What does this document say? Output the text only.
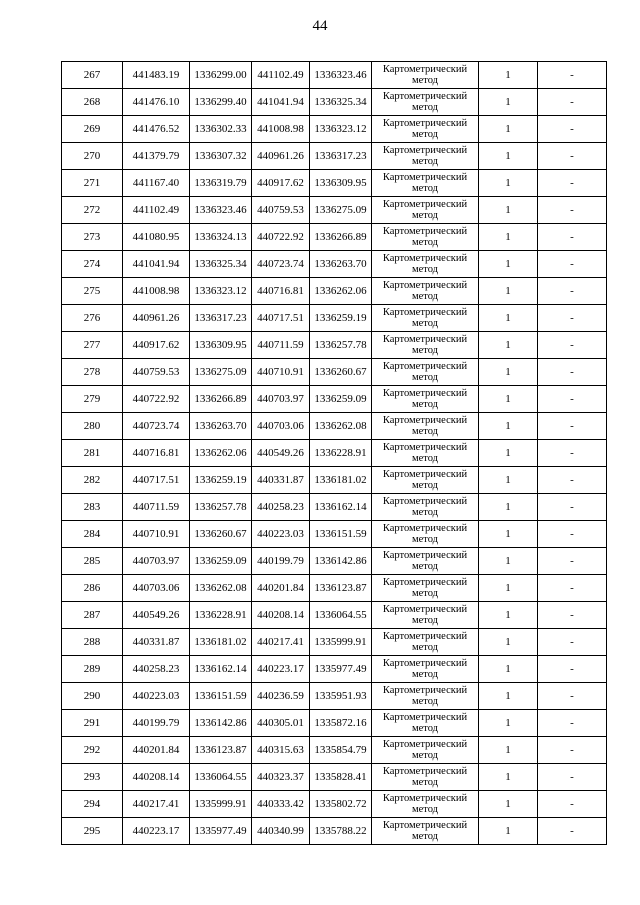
44
267	441483.19	1336299.00	441102.49	1336323.46	Картометрический метод	1	-
268	441476.10	1336299.40	441041.94	1336325.34	Картометрический метод	1	-
269	441476.52	1336302.33	441008.98	1336323.12	Картометрический метод	1	-
270	441379.79	1336307.32	440961.26	1336317.23	Картометрический метод	1	-
271	441167.40	1336319.79	440917.62	1336309.95	Картометрический метод	1	-
272	441102.49	1336323.46	440759.53	1336275.09	Картометрический метод	1	-
273	441080.95	1336324.13	440722.92	1336266.89	Картометрический метод	1	-
274	441041.94	1336325.34	440723.74	1336263.70	Картометрический метод	1	-
275	441008.98	1336323.12	440716.81	1336262.06	Картометрический метод	1	-
276	440961.26	1336317.23	440717.51	1336259.19	Картометрический метод	1	-
277	440917.62	1336309.95	440711.59	1336257.78	Картометрический метод	1	-
278	440759.53	1336275.09	440710.91	1336260.67	Картометрический метод	1	-
279	440722.92	1336266.89	440703.97	1336259.09	Картометрический метод	1	-
280	440723.74	1336263.70	440703.06	1336262.08	Картометрический метод	1	-
281	440716.81	1336262.06	440549.26	1336228.91	Картометрический метод	1	-
282	440717.51	1336259.19	440331.87	1336181.02	Картометрический метод	1	-
283	440711.59	1336257.78	440258.23	1336162.14	Картометрический метод	1	-
284	440710.91	1336260.67	440223.03	1336151.59	Картометрический метод	1	-
285	440703.97	1336259.09	440199.79	1336142.86	Картометрический метод	1	-
286	440703.06	1336262.08	440201.84	1336123.87	Картометрический метод	1	-
287	440549.26	1336228.91	440208.14	1336064.55	Картометрический метод	1	-
288	440331.87	1336181.02	440217.41	1335999.91	Картометрический метод	1	-
289	440258.23	1336162.14	440223.17	1335977.49	Картометрический метод	1	-
290	440223.03	1336151.59	440236.59	1335951.93	Картометрический метод	1	-
291	440199.79	1336142.86	440305.01	1335872.16	Картометрический метод	1	-
292	440201.84	1336123.87	440315.63	1335854.79	Картометрический метод	1	-
293	440208.14	1336064.55	440323.37	1335828.41	Картометрический метод	1	-
294	440217.41	1335999.91	440333.42	1335802.72	Картометрический метод	1	-
295	440223.17	1335977.49	440340.99	1335788.22	Картометрический метод	1	-
